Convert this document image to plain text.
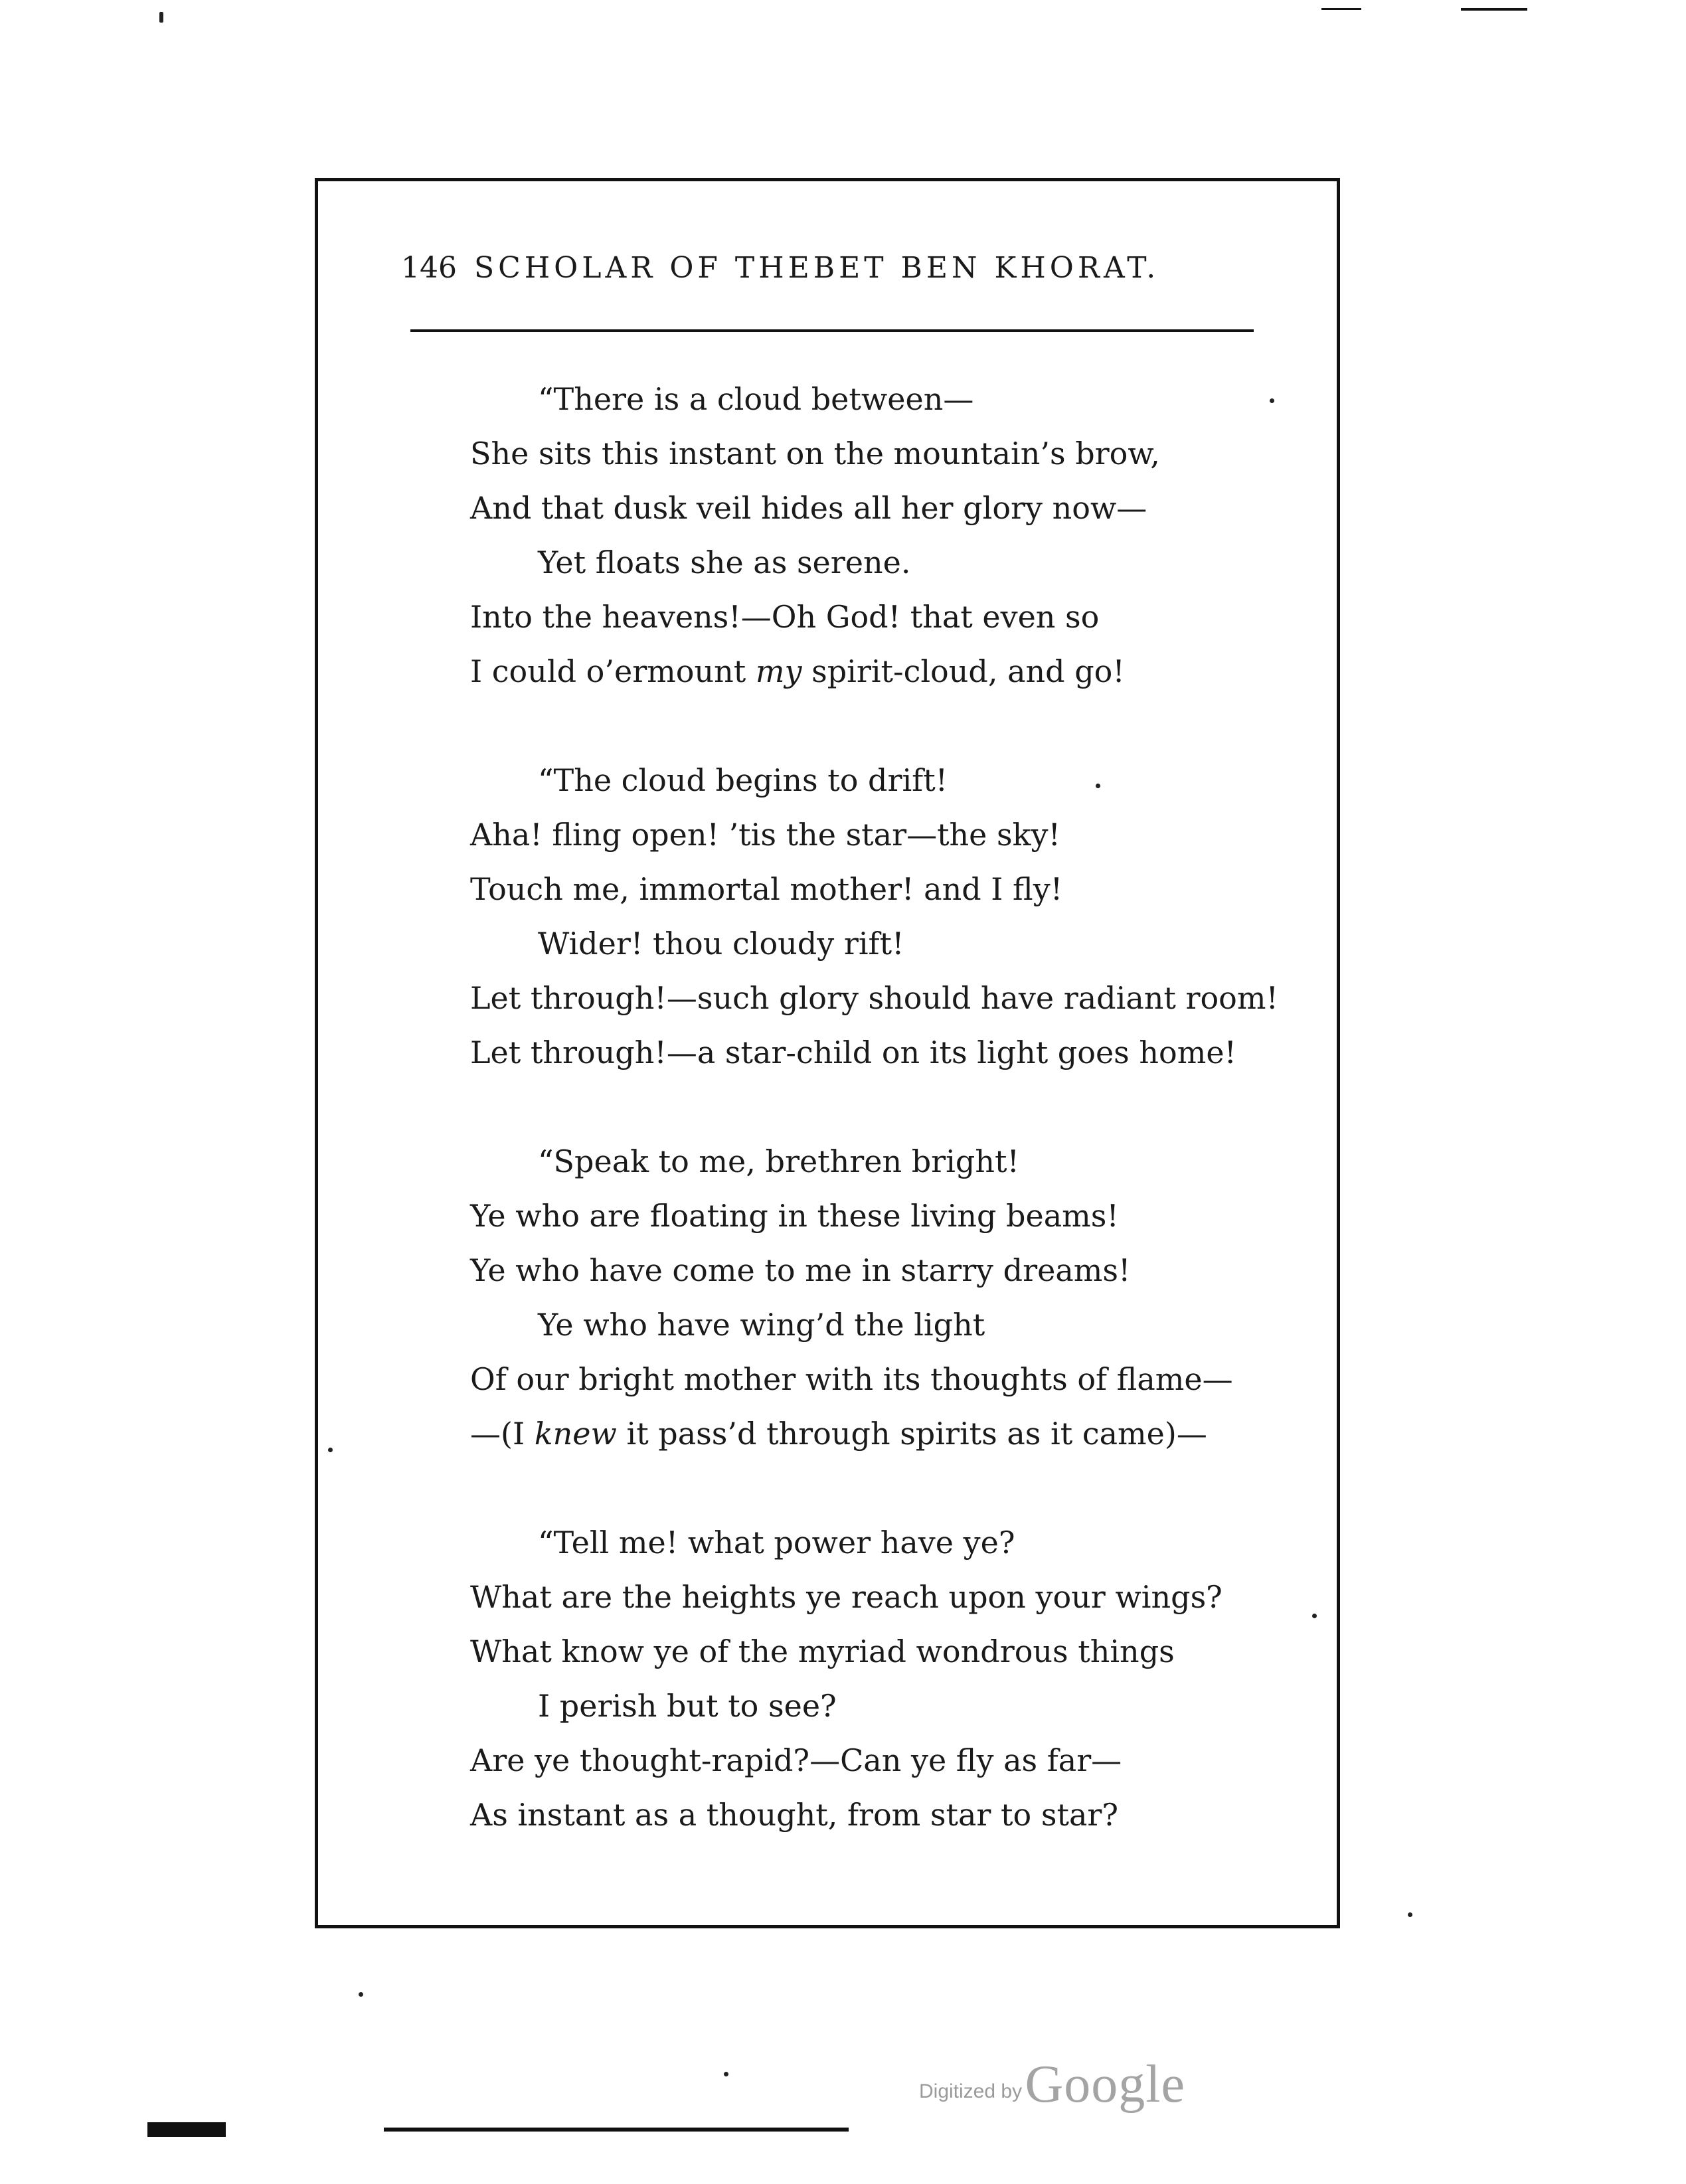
146 SCHOLAR OF THEBET BEN KHORAT.
“There is a cloud between—
She sits this instant on the mountain’s brow,
And that dusk veil hides all her glory now—
Yet floats she as serene.
Into the heavens!—Oh God! that even so
I could o’ermount my spirit-cloud, and go!
“The cloud begins to drift!
Aha! fling open! ’tis the star—the sky!
Touch me, immortal mother! and I fly!
Wider! thou cloudy rift!
Let through!—such glory should have radiant room!
Let through!—a star-child on its light goes home!
“Speak to me, brethren bright!
Ye who are floating in these living beams!
Ye who have come to me in starry dreams!
Ye who have wing’d the light
Of our bright mother with its thoughts of flame—
—(I knew it pass’d through spirits as it came)—
“Tell me! what power have ye?
What are the heights ye reach upon your wings?
What know ye of the myriad wondrous things
I perish but to see?
Are ye thought-rapid?—Can ye fly as far—
As instant as a thought, from star to star?
Digitized by Google
